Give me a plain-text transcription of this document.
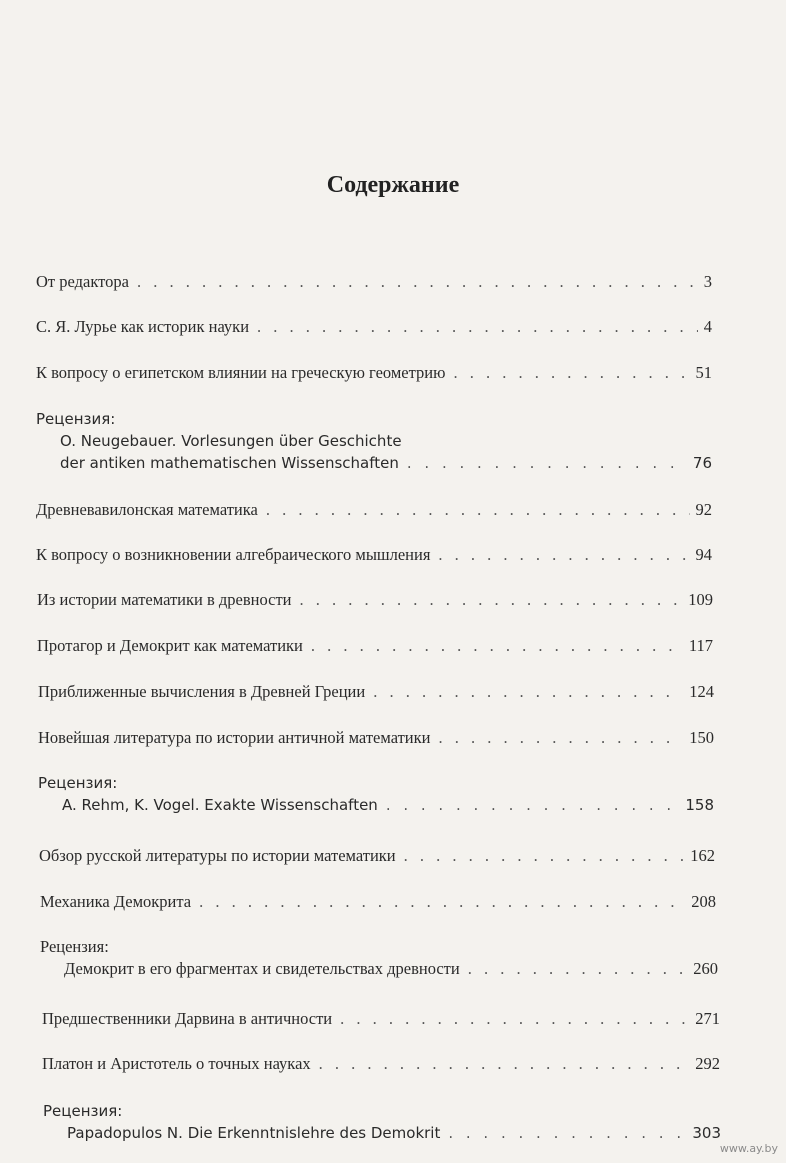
Содержание
От редактора . . .	3
С. Я. Лурье как историк науки . . .	4
К вопросу о египетском влиянии на греческую геометрию . . .	51
Рецензия:
O. Neugebauer. Vorlesungen über Geschichte
der antiken mathematischen Wissenschaften . . .	76
Древневавилонская математика . . .	92
К вопросу о возникновении алгебраического мышления . . .	94
Из истории математики в древности . . .	109
Протагор и Демокрит как математики . . .	117
Приближенные вычисления в Древней Греции . . .	124
Новейшая литература по истории античной математики . . .	150
Рецензия:
A. Rehm, K. Vogel. Exakte Wissenschaften . . .	158
Обзор русской литературы по истории математики . . .	162
Механика Демокрита . . .	208
Рецензия:
Демокрит в его фрагментах и свидетельствах древности . . .	260
Предшественники Дарвина в античности . . .	271
Платон и Аристотель о точных науках . . .	292
Рецензия:
Papadopulos N. Die Erkenntnislehre des Demokrit . . .	303
www.ay.by
